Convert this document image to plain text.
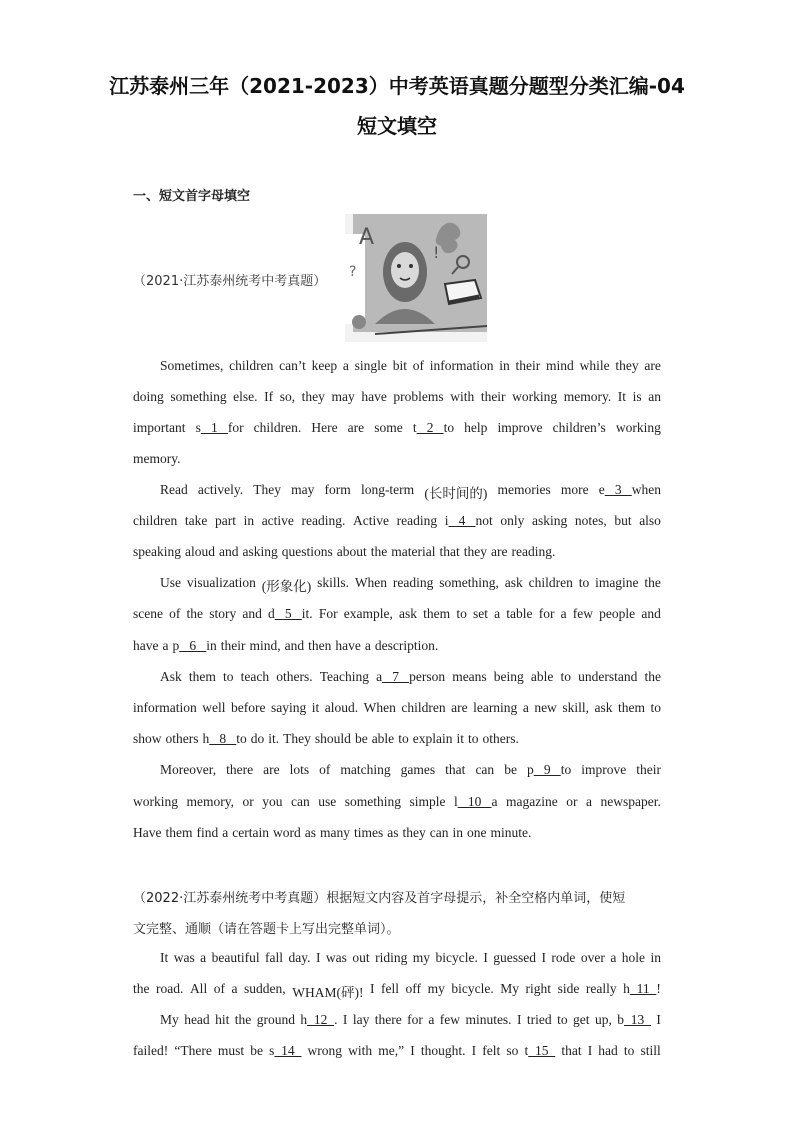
江苏泰州三年（2021-2023）中考英语真题分题型分类汇编-04
短文填空
一、短文首字母填空
（2021·江苏泰州统考中考真题）
A
?
!
Sometimes, children can’t keep a single bit of information in their mind while they are
doing something else. If so, they may have problems with their working memory. It is an
important s   1   for children. Here are some t   2   to help improve children’s working
memory.
Read actively. They may form long-term (长时间的) memories more e   3   when
children take part in active reading. Active reading i   4   not only asking notes, but also
speaking aloud and asking questions about the material that they are reading.
Use visualization (形象化) skills. When reading something, ask children to imagine the
scene of the story and d   5   it. For example, ask them to set a table for a few people and
have a p   6   in their mind, and then have a description.
Ask them to teach others. Teaching a   7   person means being able to understand the
information well before saying it aloud. When children are learning a new skill, ask them to
show others h   8   to do it. They should be able to explain it to others.
Moreover, there are lots of matching games that can be p   9   to improve their
working memory, or you can use something simple l   10   a magazine or a newspaper.
Have them find a certain word as many times as they can in one minute.
（2022·江苏泰州统考中考真题）根据短文内容及首字母提示，补全空格内单词，使短
文完整、通顺（请在答题卡上写出完整单词）。
It was a beautiful fall day. I was out riding my bicycle. I guessed I rode over a hole in
the road. All of a sudden, WHAM(砰)! I fell off my bicycle. My right side really h  11  !
My head hit the ground h  12  . I lay there for a few minutes. I tried to get up, b  13 I
failed! “There must be s  14 wrong with me,” I thought. I felt so t  15 that I had to still
